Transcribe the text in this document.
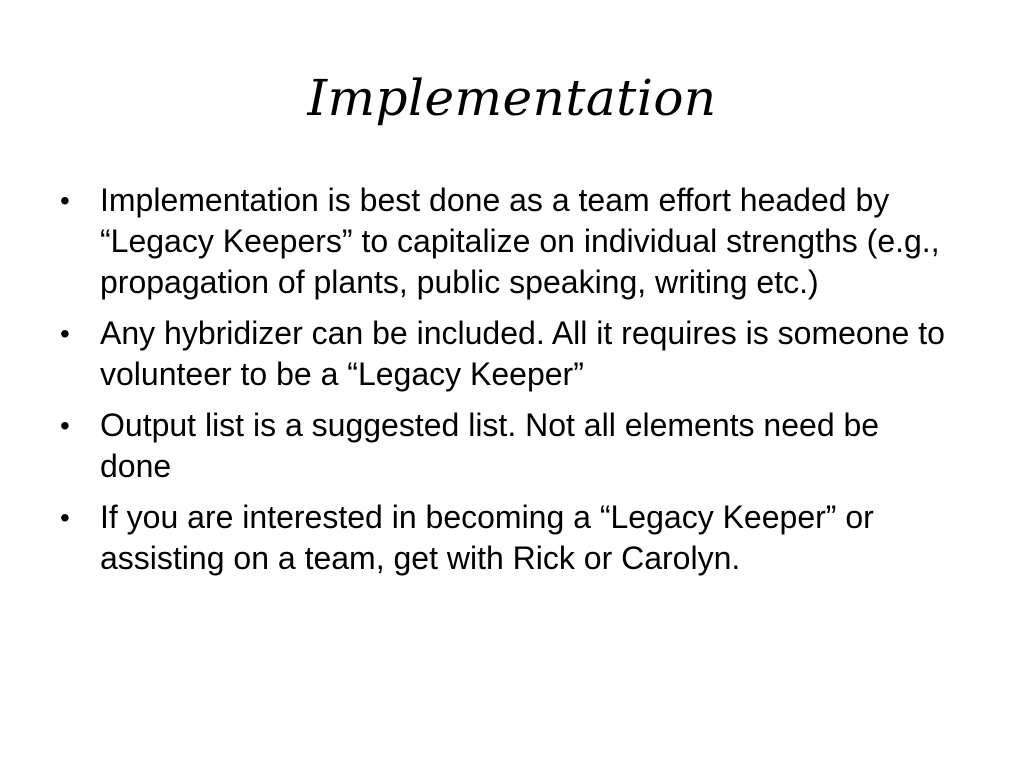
Implementation
• Implementation is best done as a team effort headed by “Legacy Keepers” to capitalize on individual strengths (e.g., propagation of plants, public speaking, writing etc.)
• Any hybridizer can be included. All it requires is someone to volunteer to be a “Legacy Keeper”
• Output list is a suggested list. Not all elements need be done
• If you are interested in becoming a “Legacy Keeper” or assisting on a team, get with Rick or Carolyn.
